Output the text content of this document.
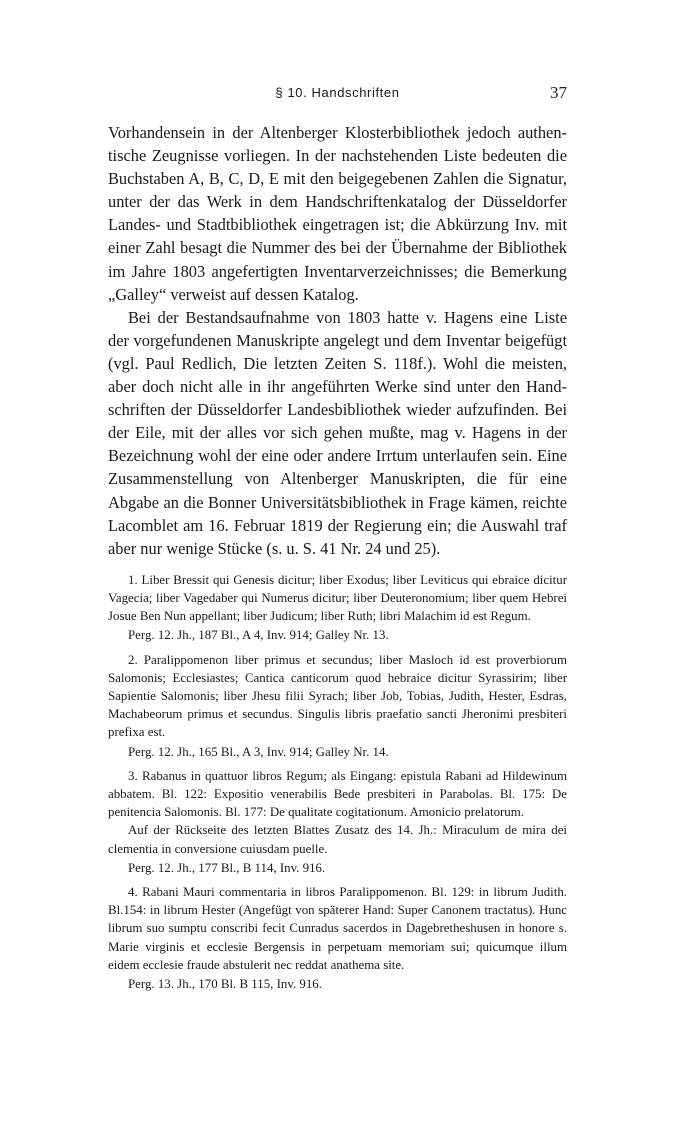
§ 10. Handschriften	37

Vorhandensein in der Altenberger Klosterbibliothek jedoch authentische Zeugnisse vorliegen. In der nachstehenden Liste bedeuten die Buchstaben A, B, C, D, E mit den beigegebenen Zahlen die Signatur, unter der das Werk in dem Handschriftenkatalog der Düsseldorfer Landes- und Stadtbibliothek eingetragen ist; die Abkürzung Inv. mit einer Zahl besagt die Nummer des bei der Übernahme der Bibliothek im Jahre 1803 angefertigten Inventarverzeichnisses; die Bemerkung „Galley“ verweist auf dessen Katalog.

Bei der Bestandsaufnahme von 1803 hatte v. Hagens eine Liste der vorgefundenen Manuskripte angelegt und dem Inventar beigefügt (vgl. Paul Redlich, Die letzten Zeiten S. 118f.). Wohl die meisten, aber doch nicht alle in ihr angeführten Werke sind unter den Handschriften der Düsseldorfer Landesbibliothek wieder aufzufinden. Bei der Eile, mit der alles vor sich gehen mußte, mag v. Hagens in der Bezeichnung wohl der eine oder andere Irrtum unterlaufen sein. Eine Zusammenstellung von Altenberger Manuskripten, die für eine Abgabe an die Bonner Universitätsbibliothek in Frage kämen, reichte Lacomblet am 16. Februar 1819 der Regierung ein; die Auswahl traf aber nur wenige Stücke (s. u. S. 41 Nr. 24 und 25).

1. Liber Bressit qui Genesis dicitur; liber Exodus; liber Leviticus qui ebraice dicitur Vagecia; liber Vagedaber qui Numerus dicitur; liber Deuteronomium; liber quem Hebrei Josue Ben Nun appellant; liber Judicum; liber Ruth; libri Malachim id est Regum.

Perg. 12. Jh., 187 Bl., A 4, Inv. 914; Galley Nr. 13.

2. Paralippomenon liber primus et secundus; liber Masloch id est proverbiorum Salomonis; Ecclesiastes; Cantica canticorum quod hebraice dicitur Syrassirim; liber Sapientie Salomonis; liber Jhesu filii Syrach; liber Job, Tobias, Judith, Hester, Esdras, Machabeorum primus et secundus. Singulis libris praefatio sancti Jheronimi presbiteri prefixa est.

Perg. 12. Jh., 165 Bl., A 3, Inv. 914; Galley Nr. 14.

3. Rabanus in quattuor libros Regum; als Eingang: epistula Rabani ad Hildewinum abbatem. Bl. 122: Expositio venerabilis Bede presbiteri in Parabolas. Bl. 175: De penitencia Salomonis. Bl. 177: De qualitate cogitationum. Amonicio prelatorum.

Auf der Rückseite des letzten Blattes Zusatz des 14. Jh.: Miraculum de mira dei clementia in conversione cuiusdam puelle.

Perg. 12. Jh., 177 Bl., B 114, Inv. 916.

4. Rabani Mauri commentaria in libros Paralippomenon. Bl. 129: in librum Judith. Bl.154: in librum Hester (Angefügt von späterer Hand: Super Canonem tractatus). Hunc librum suo sumptu conscribi fecit Cunradus sacerdos in Dagebretheshusen in honore s. Marie virginis et ecclesie Bergensis in perpetuam memoriam sui; quicumque illum eidem ecclesie fraude abstulerit nec reddat anathema site.

Perg. 13. Jh., 170 Bl. B 115, Inv. 916.
